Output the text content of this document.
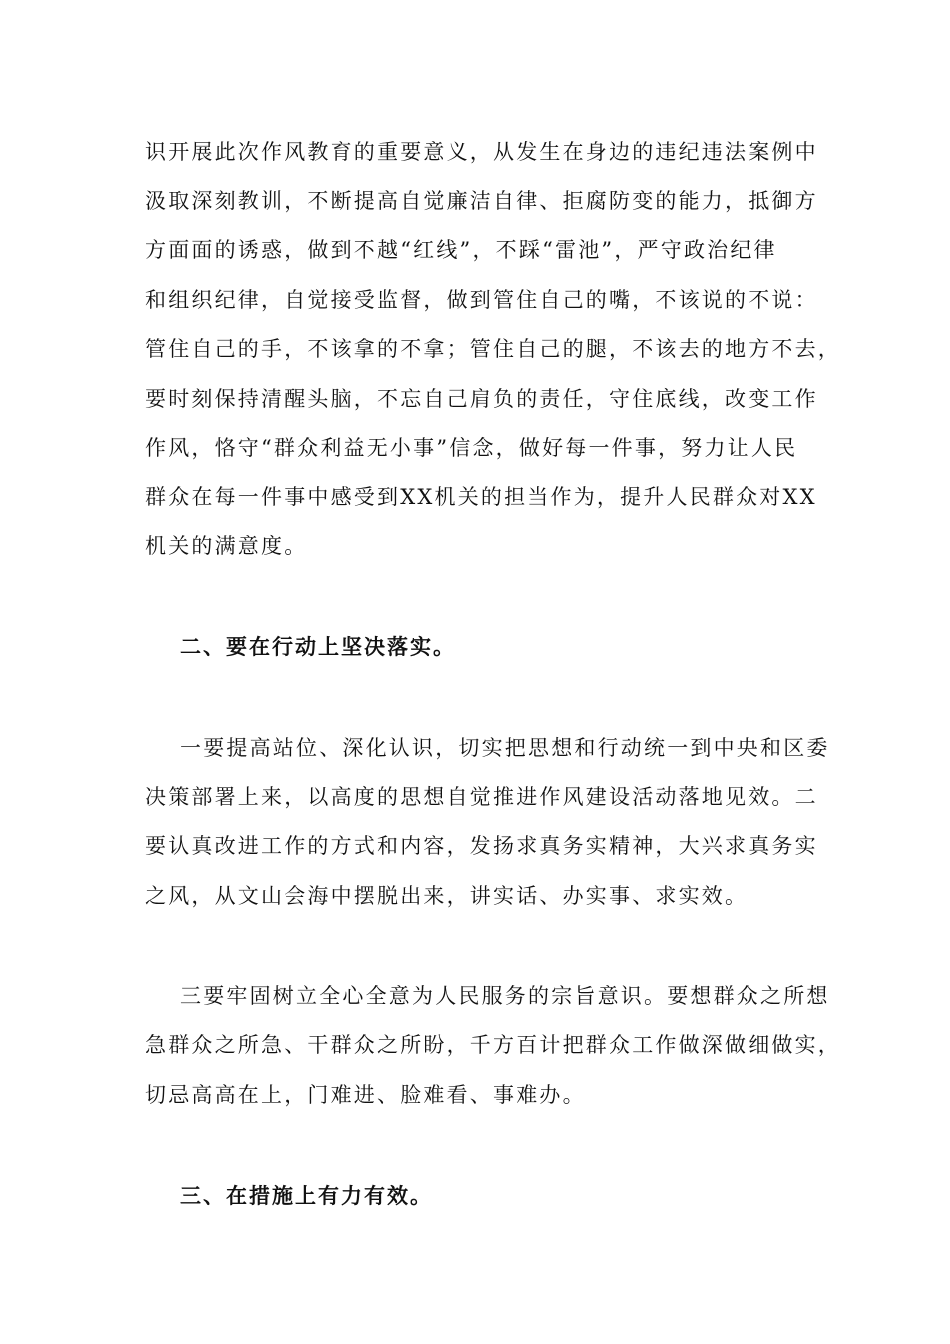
识开展此次作风教育的重要意义，从发生在身边的违纪违法案例中
汲取深刻教训，不断提高自觉廉洁自律、拒腐防变的能力，抵御方
方面面的诱惑，做到不越“红线”，不踩“雷池”，严守政治纪律
和组织纪律，自觉接受监督，做到管住自己的嘴，不该说的不说：
管住自己的手，不该拿的不拿；管住自己的腿，不该去的地方不去，
要时刻保持清醒头脑，不忘自己肩负的责任，守住底线，改变工作
作风，恪守“群众利益无小事”信念，做好每一件事，努力让人民
群众在每一件事中感受到XX机关的担当作为，提升人民群众对XX
机关的满意度。
二、要在行动上坚决落实。
一要提高站位、深化认识，切实把思想和行动统一到中央和区委
决策部署上来，以高度的思想自觉推进作风建设活动落地见效。二
要认真改进工作的方式和内容，发扬求真务实精神，大兴求真务实
之风，从文山会海中摆脱出来，讲实话、办实事、求实效。
三要牢固树立全心全意为人民服务的宗旨意识。要想群众之所想
急群众之所急、干群众之所盼，千方百计把群众工作做深做细做实，
切忌高高在上，门难进、脸难看、事难办。
三、在措施上有力有效。
